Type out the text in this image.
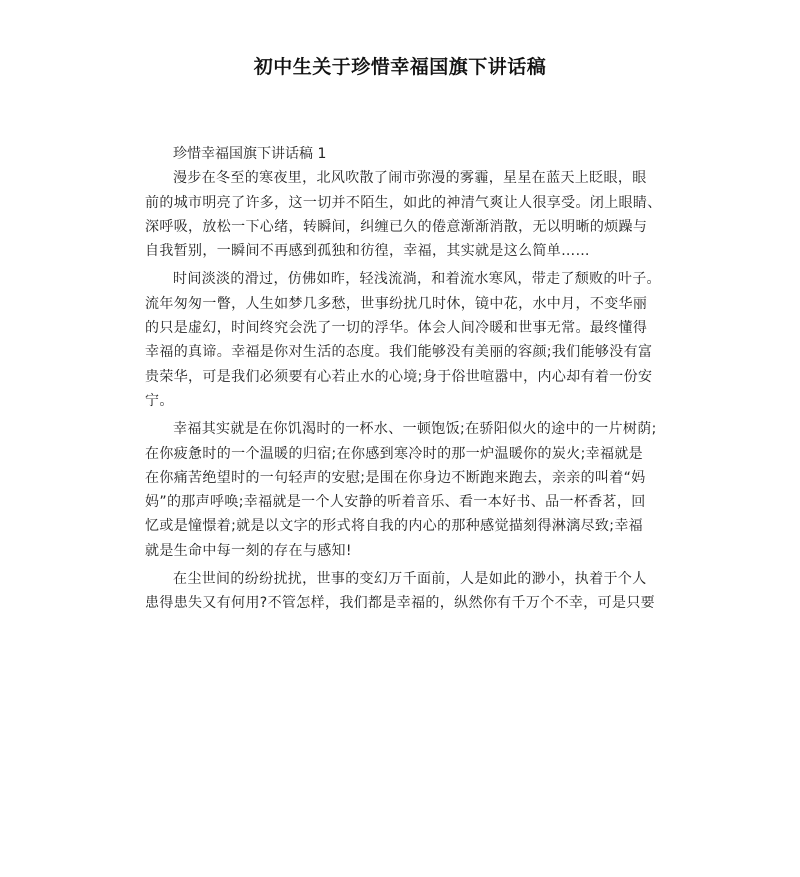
初中生关于珍惜幸福国旗下讲话稿

珍惜幸福国旗下讲话稿 1

漫步在冬至的寒夜里，北风吹散了闹市弥漫的雾霾，星星在蓝天上眨眼，眼
前的城市明亮了许多，这一切并不陌生，如此的神清气爽让人很享受。闭上眼睛、
深呼吸，放松一下心绪，转瞬间，纠缠已久的倦意渐渐消散，无以明晰的烦躁与
自我暂别，一瞬间不再感到孤独和彷徨，幸福，其实就是这么简单……
时间淡淡的滑过，仿佛如昨，轻浅流淌，和着流水寒风，带走了颓败的叶子。
流年匆匆一瞥，人生如梦几多愁，世事纷扰几时休，镜中花，水中月，不变华丽
的只是虚幻，时间终究会洗了一切的浮华。体会人间冷暖和世事无常。最终懂得
幸福的真谛。幸福是你对生活的态度。我们能够没有美丽的容颜;我们能够没有富
贵荣华，可是我们必须要有心若止水的心境;身于俗世喧嚣中，内心却有着一份安
宁。
幸福其实就是在你饥渴时的一杯水、一顿饱饭;在骄阳似火的途中的一片树荫;
在你疲惫时的一个温暖的归宿;在你感到寒冷时的那一炉温暖你的炭火;幸福就是
在你痛苦绝望时的一句轻声的安慰;是围在你身边不断跑来跑去，亲亲的叫着“妈
妈”的那声呼唤;幸福就是一个人安静的听着音乐、看一本好书、品一杯香茗，回
忆或是憧憬着;就是以文字的形式将自我的内心的那种感觉描刻得淋漓尽致;幸福
就是生命中每一刻的存在与感知!
在尘世间的纷纷扰扰，世事的变幻万千面前，人是如此的渺小，执着于个人
患得患失又有何用?不管怎样，我们都是幸福的，纵然你有千万个不幸，可是只要
